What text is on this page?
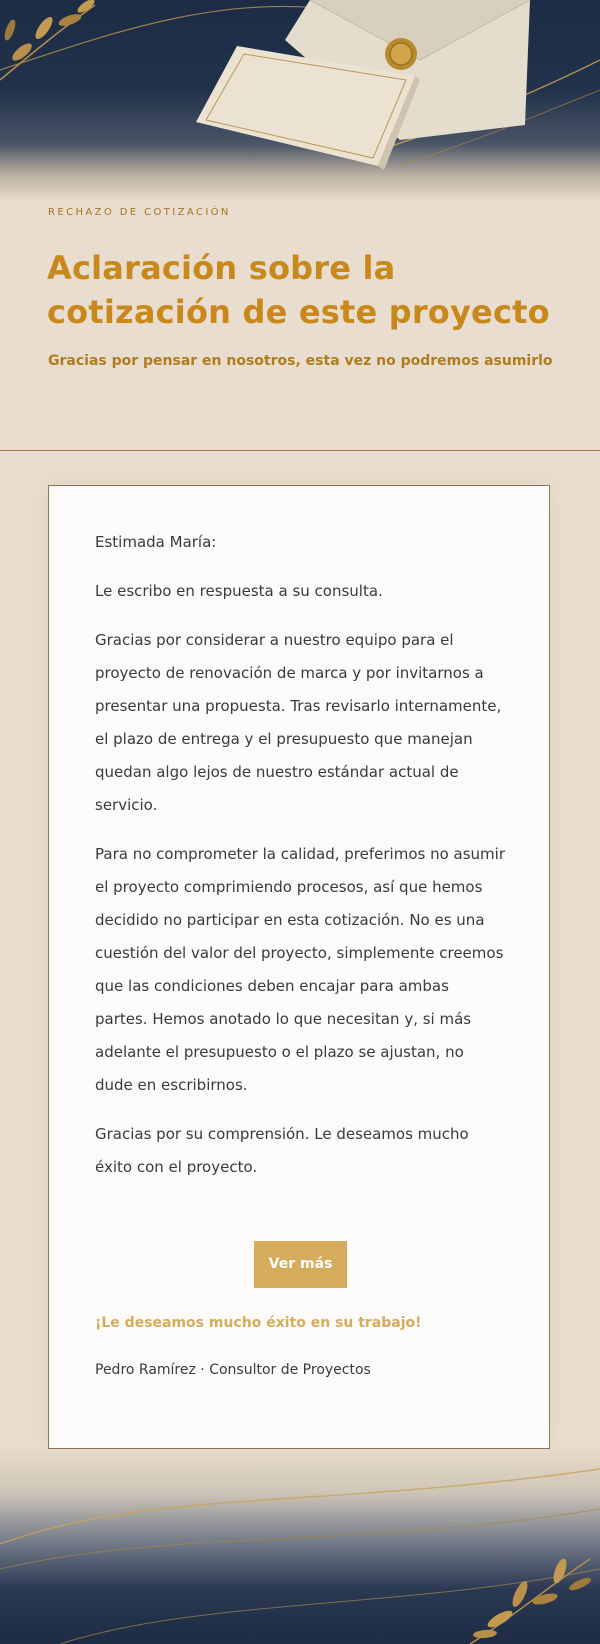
RECHAZO DE COTIZACIÓN
Aclaración sobre la cotización de este proyecto
Gracias por pensar en nosotros, esta vez no podremos asumirlo

Estimada María:

Le escribo en respuesta a su consulta.

Gracias por considerar a nuestro equipo para el proyecto de renovación de marca y por invitarnos a presentar una propuesta. Tras revisarlo internamente, el plazo de entrega y el presupuesto que manejan quedan algo lejos de nuestro estándar actual de servicio.

Para no comprometer la calidad, preferimos no asumir el proyecto comprimiendo procesos, así que hemos decidido no participar en esta cotización. No es una cuestión del valor del proyecto, simplemente creemos que las condiciones deben encajar para ambas partes. Hemos anotado lo que necesitan y, si más adelante el presupuesto o el plazo se ajustan, no dude en escribirnos.

Gracias por su comprensión. Le deseamos mucho éxito con el proyecto.

Ver más
¡Le deseamos mucho éxito en su trabajo!
Pedro Ramírez · Consultor de Proyectos
